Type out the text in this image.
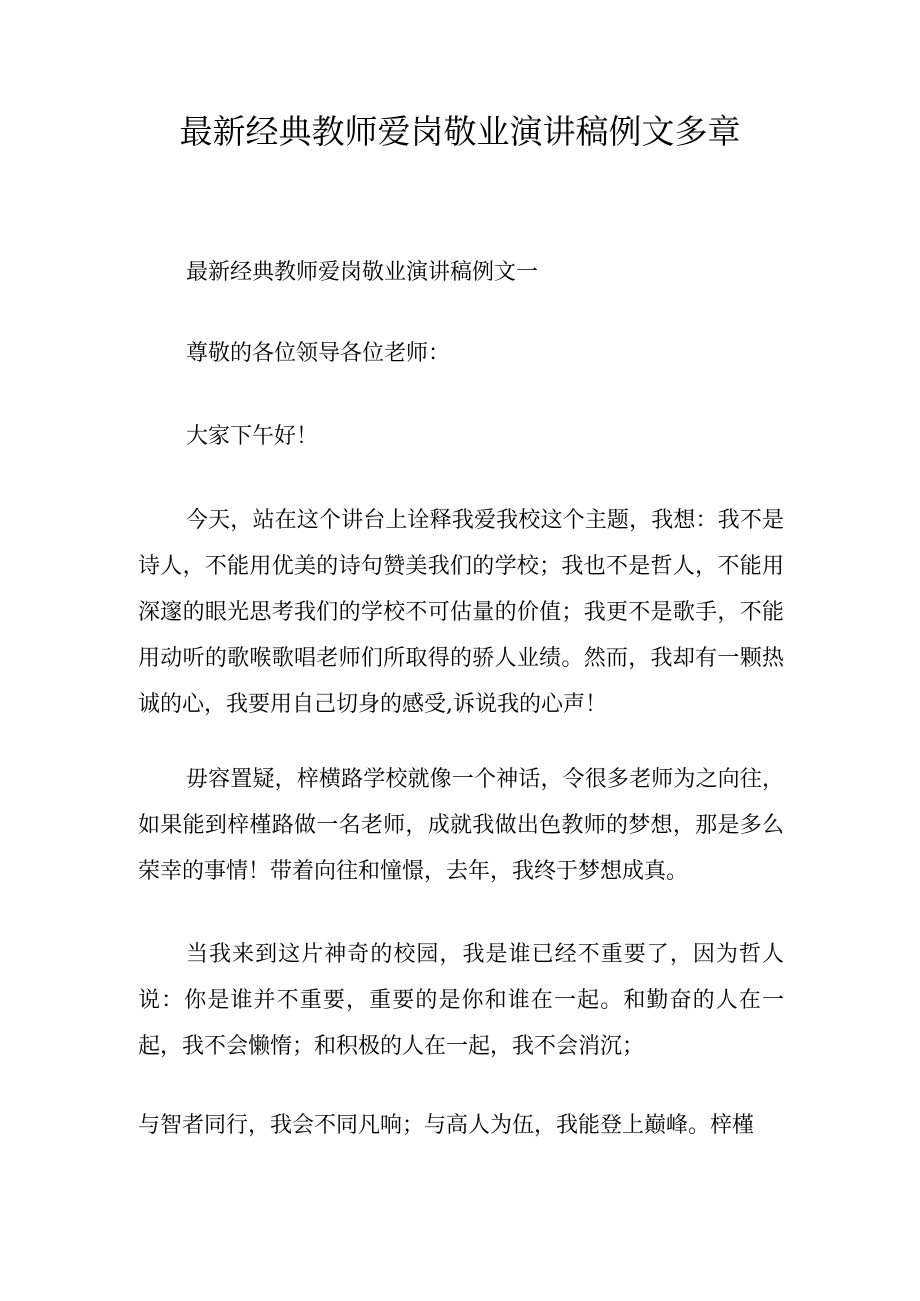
最新经典教师爱岗敬业演讲稿例文多章

最新经典教师爱岗敬业演讲稿例文一

尊敬的各位领导各位老师：

大家下午好！

今天，站在这个讲台上诠释我爱我校这个主题，我想：我不是诗人，不能用优美的诗句赞美我们的学校；我也不是哲人，不能用深邃的眼光思考我们的学校不可估量的价值；我更不是歌手，不能用动听的歌喉歌唱老师们所取得的骄人业绩。然而，我却有一颗热诚的心，我要用自己切身的感受,诉说我的心声！

毋容置疑，梓横路学校就像一个神话，令很多老师为之向往，如果能到梓槿路做一名老师，成就我做出色教师的梦想，那是多么荣幸的事情！带着向往和憧憬，去年，我终于梦想成真。

当我来到这片神奇的校园，我是谁已经不重要了，因为哲人说：你是谁并不重要，重要的是你和谁在一起。和勤奋的人在一起，我不会懒惰；和积极的人在一起，我不会消沉；

与智者同行，我会不同凡响；与高人为伍，我能登上巅峰。梓槿
